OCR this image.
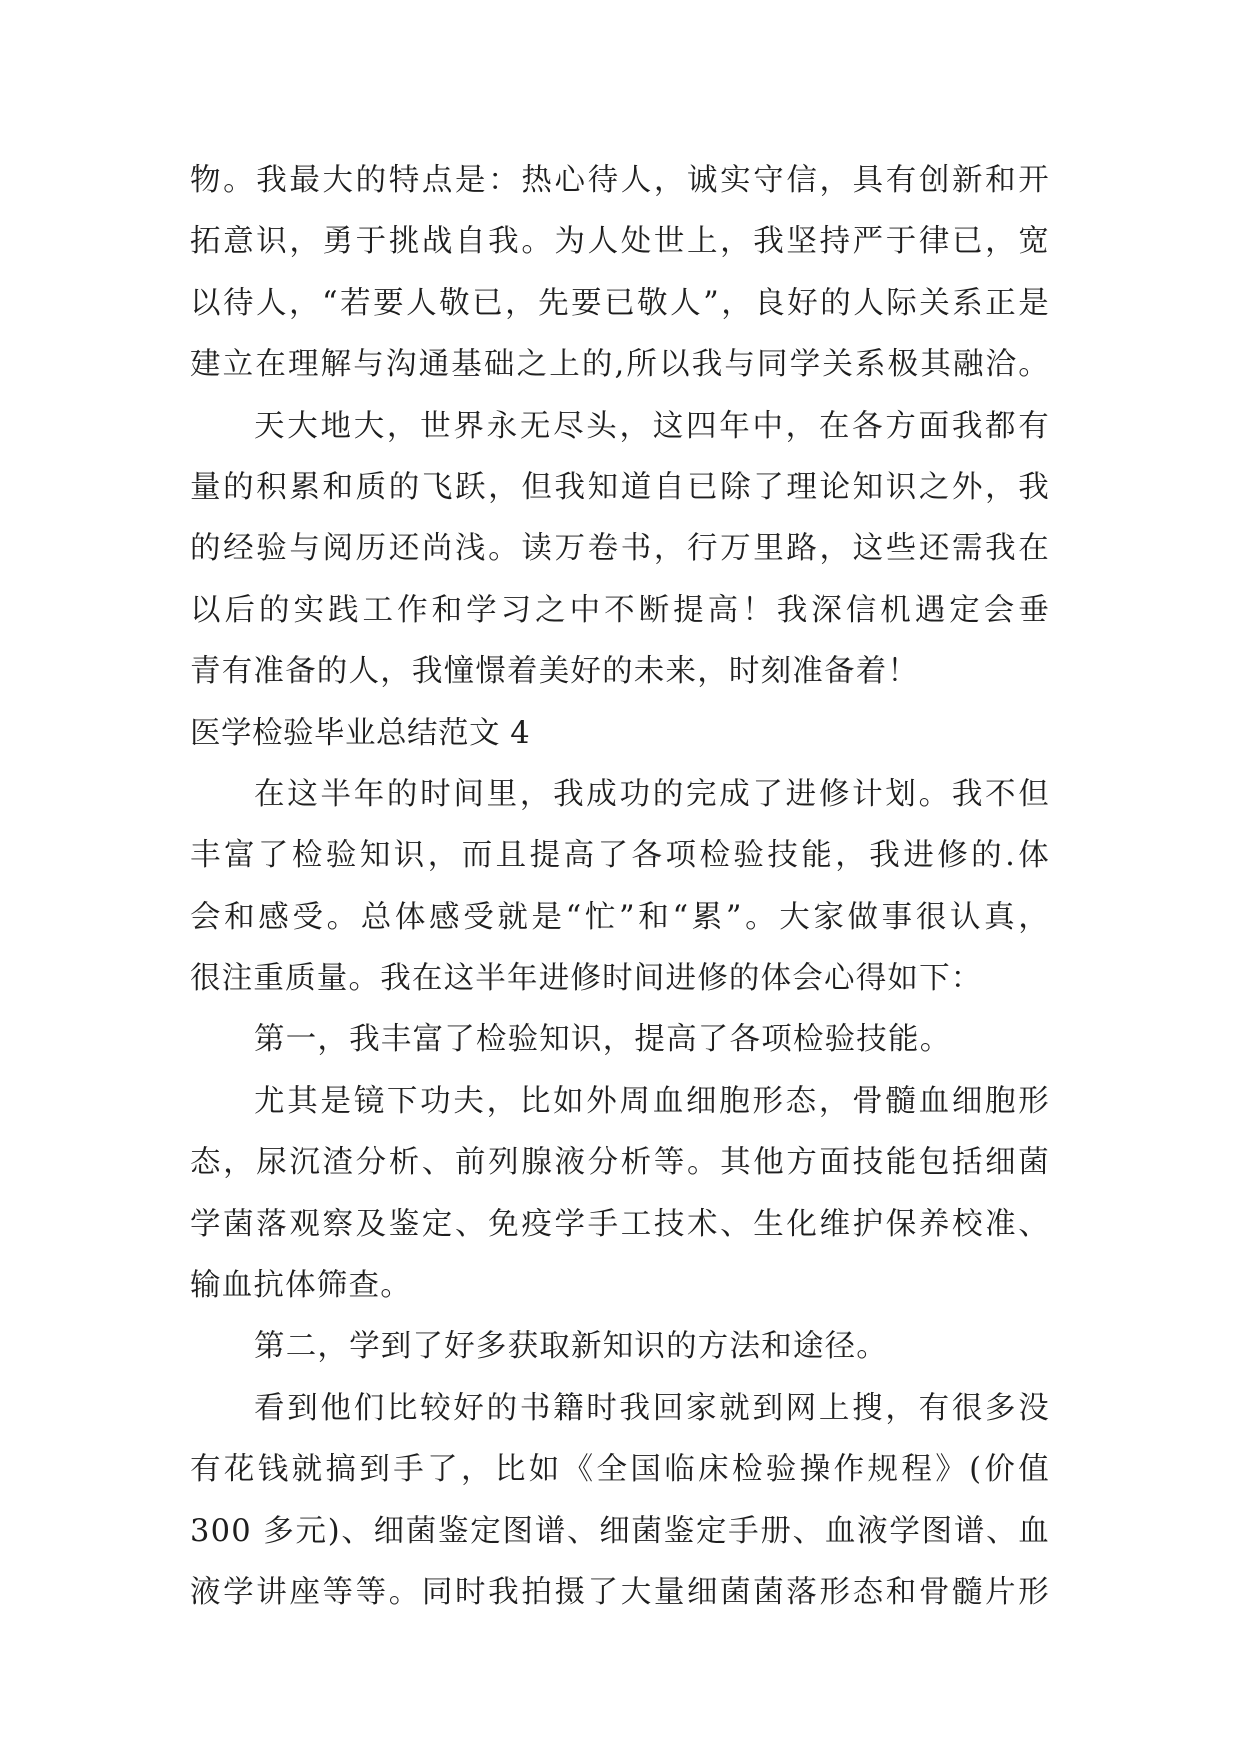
物。我最大的特点是：热心待人，诚实守信，具有创新和开
拓意识，勇于挑战自我。为人处世上，我坚持严于律已，宽
以待人，“若要人敬已，先要已敬人”，良好的人际关系正是
建立在理解与沟通基础之上的,所以我与同学关系极其融洽。
天大地大，世界永无尽头，这四年中，在各方面我都有
量的积累和质的飞跃，但我知道自已除了理论知识之外，我
的经验与阅历还尚浅。读万卷书，行万里路，这些还需我在
以后的实践工作和学习之中不断提高！我深信机遇定会垂
青有准备的人，我憧憬着美好的未来，时刻准备着！
医学检验毕业总结范文 4
在这半年的时间里，我成功的完成了进修计划。我不但
丰富了检验知识，而且提高了各项检验技能，我进修的.体
会和感受。总体感受就是“忙”和“累”。大家做事很认真，
很注重质量。我在这半年进修时间进修的体会心得如下：
第一，我丰富了检验知识，提高了各项检验技能。
尤其是镜下功夫，比如外周血细胞形态，骨髓血细胞形
态，尿沉渣分析、前列腺液分析等。其他方面技能包括细菌
学菌落观察及鉴定、免疫学手工技术、生化维护保养校准、
输血抗体筛查。
第二，学到了好多获取新知识的方法和途径。
看到他们比较好的书籍时我回家就到网上搜，有很多没
有花钱就搞到手了，比如《全国临床检验操作规程》(价值
300 多元)、细菌鉴定图谱、细菌鉴定手册、血液学图谱、血
液学讲座等等。同时我拍摄了大量细菌菌落形态和骨髓片形
